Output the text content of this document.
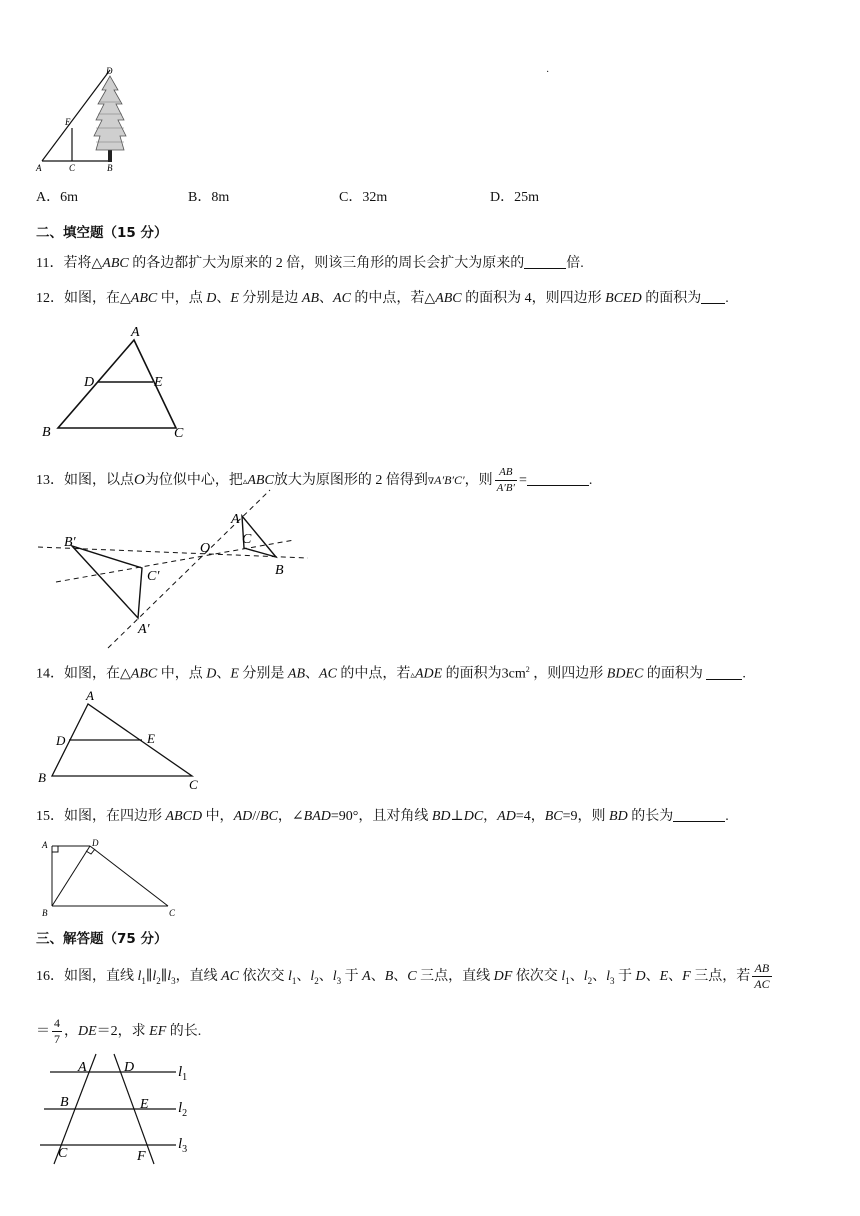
D
E
A	C	B
·
A．6m	B．8m	C．32m	D．25m
二、填空题（15 分）
11．若将△ABC 的各边都扩大为原来的 2 倍，则该三角形的周长会扩大为原来的	倍.
12．如图，在△ABC 中，点 D、E 分别是边 AB、AC 的中点，若△ABC 的面积为 4，则四边形 BCED 的面积为 .
A
D	E
B	C
13．如图，以点O为位似中心，把▵ABC放大为原图形的 2 倍得到∇A′B′C′，则 $\frac{AB}{A'B'}$ =	.
B′
C′
A′
O
A
C
B
14．如图，在△ABC 中，点 D、E 分别是 AB、AC 的中点，若▵ADE 的面积为$3cm^2$ ，则四边形 BDEC 的面积为	.
A
D	E
B	C
15．如图，在四边形 ABCD 中，AD//BC，∠BAD=90°，且对角线 BD⊥DC，AD=4，BC=9，则 BD 的长为	.
A	D
B	C
三、解答题（75 分）
16．如图，直线 $l_1\parallel l_2\parallel l_3$，直线 AC 依次交 $l_1$、$l_2$、$l_3$ 于 A、B、C 三点，直线 DF 依次交 $l_1$、$l_2$、$l_3$ 于 D、E、F 三点，若 $\frac{AB}{AC}$
＝ $\frac{4}{7}$ ，DE＝2，求 EF 的长.
A	D
B	E
C	F
$l_1$
$l_2$
$l_3$
